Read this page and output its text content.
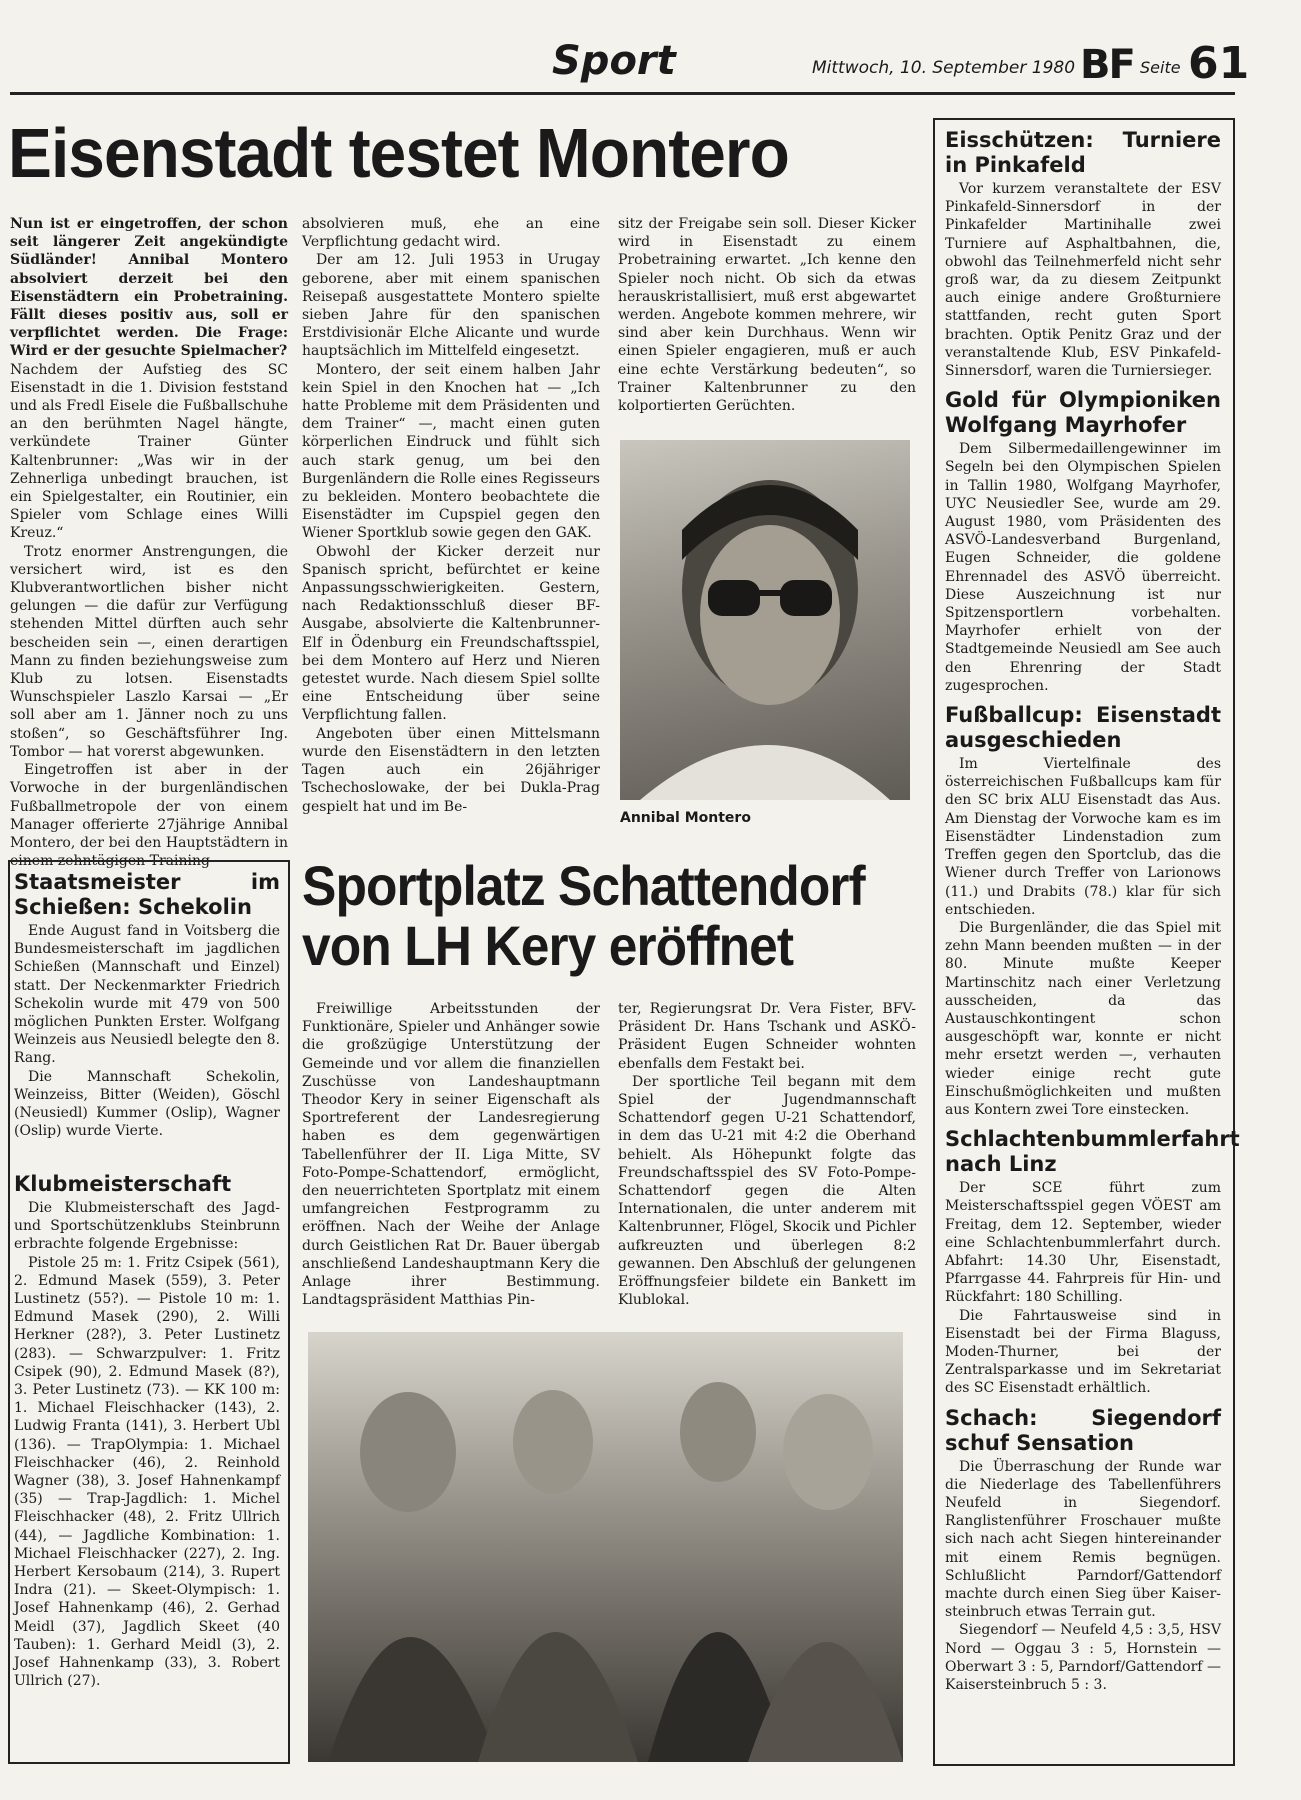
Sport	Mittwoch, 10. September 1980 BF Seite 61
Eisenstadt testet Montero

Nun ist er eingetroffen, der schon seit längerer Zeit angekündigte Südländer! Annibal Montero absolviert derzeit bei den Eisenstädtern ein Probetraining. Fällt dieses positiv aus, soll er verpflichtet werden. Die Frage: Wird er der gesuchte Spielmacher?

Nachdem der Aufstieg des SC Eisenstadt in die 1. Division feststand und als Fredl Eisele die Fußballschuhe an den berühmten Nagel hängte, verkündete Trainer Günter Kaltenbrunner: „Was wir in der Zehnerliga unbedingt brauchen, ist ein Spielgestalter, ein Routinier, ein Spieler vom Schlage eines Willi Kreuz.“

Trotz enormer Anstrengungen, die versichert wird, ist es den Klubverantwortlichen bisher nicht gelungen — die dafür zur Verfügung stehenden Mittel dürften auch sehr bescheiden sein —, einen derartigen Mann zu finden beziehungsweise zum Klub zu lotsen. Eisenstadts Wunschspieler Laszlo Karsai — „Er soll aber am 1. Jänner noch zu uns stoßen“, so Geschäftsführer Ing. Tombor — hat vorerst abgewunken.

Eingetroffen ist aber in der Vorwoche in der burgenländischen Fußballmetropole der von einem Manager offerierte 27jährige Annibal Montero, der bei den Hauptstädtern in einem zehntägigen Training

absolvieren muß, ehe an eine Verpflichtung gedacht wird.

Der am 12. Juli 1953 in Urugay geborene, aber mit einem spanischen Reisepaß ausgestattete Montero spielte sieben Jahre für den spanischen Erstdivisionär Elche Alicante und wurde hauptsächlich im Mittelfeld eingesetzt.

Montero, der seit einem halben Jahr kein Spiel in den Knochen hat — „Ich hatte Probleme mit dem Präsidenten und dem Trainer“ —, macht einen guten körperlichen Eindruck und fühlt sich auch stark genug, um bei den Burgenländern die Rolle eines Regisseurs zu bekleiden. Montero beobachtete die Eisenstädter im Cupspiel gegen den Wiener Sportklub sowie gegen den GAK.

Obwohl der Kicker derzeit nur Spanisch spricht, befürchtet er keine Anpassungsschwierigkeiten. Gestern, nach Redaktionsschluß dieser BF-Ausgabe, absolvierte die Kaltenbrunner-Elf in Ödenburg ein Freundschaftsspiel, bei dem Montero auf Herz und Nieren getestet wurde. Nach diesem Spiel sollte eine Entscheidung über seine Verpflichtung fallen.

Angeboten über einen Mittelsmann wurde den Eisenstädtern in den letzten Tagen auch ein 26jähriger Tschechoslowake, der bei Dukla-Prag gespielt hat und im Be-

sitz der Freigabe sein soll. Dieser Kicker wird in Eisenstadt zu einem Probetraining erwartet. „Ich kenne den Spieler noch nicht. Ob sich da etwas herauskristallisiert, muß erst abgewartet werden. Angebote kommen mehrere, wir sind aber kein Durchhaus. Wenn wir einen Spieler engagieren, muß er auch eine echte Verstärkung bedeuten“, so Trainer Kaltenbrunner zu den kolportierten Gerüchten.

Annibal Montero
Staatsmeister im Schießen: Schekolin

Ende August fand in Voitsberg die Bundesmeisterschaft im jagdlichen Schießen (Mannschaft und Einzel) statt. Der Neckenmarkter Friedrich Schekolin wurde mit 479 von 500 möglichen Punkten Erster. Wolfgang Weinzeis aus Neusiedl belegte den 8. Rang.

Die Mannschaft Schekolin, Weinzeiss, Bitter (Weiden), Göschl (Neusiedl) Kummer (Oslip), Wagner (Oslip) wurde Vierte.

Klubmeisterschaft

Die Klubmeisterschaft des Jagd- und Sportschützenklubs Steinbrunn erbrachte folgende Ergebnisse:

Pistole 25 m: 1. Fritz Csipek (561), 2. Edmund Masek (559), 3. Peter Lustinetz (55?). — Pistole 10 m: 1. Edmund Masek (290), 2. Willi Herkner (28?), 3. Peter Lustinetz (283). — Schwarzpulver: 1. Fritz Csipek (90), 2. Edmund Masek (8?), 3. Peter Lustinetz (73). — KK 100 m: 1. Michael Fleischhacker (143), 2. Ludwig Franta (141), 3. Herbert Ubl (136). — TrapOlympia: 1. Michael Fleischhacker (46), 2. Reinhold Wagner (38), 3. Josef Hahnenkampf (35) — Trap-Jagdlich: 1. Michel Fleischhacker (48), 2. Fritz Ullrich (44), — Jagdliche Kombination: 1. Michael Fleischhacker (227), 2. Ing. Herbert Kersobaum (214), 3. Rupert Indra (21). — Skeet-Olympisch: 1. Josef Hahnenkamp (46), 2. Gerhad Meidl (37), Jagdlich Skeet (40 Tauben): 1. Gerhard Meidl (3), 2. Josef Hahnenkamp (33), 3. Robert Ullrich (27).

Sportplatz Schattendorf
von LH Kery eröffnet

Freiwillige Arbeitsstunden der Funktionäre, Spieler und Anhänger sowie die großzügige Unterstützung der Gemeinde und vor allem die finanziellen Zuschüsse von Landeshauptmann Theodor Kery in seiner Eigenschaft als Sportreferent der Landesregierung haben es dem gegenwärtigen Tabellenführer der II. Liga Mitte, SV Foto-Pompe-Schattendorf, ermöglicht, den neuerrichteten Sportplatz mit einem umfangreichen Festprogramm zu eröffnen. Nach der Weihe der Anlage durch Geistlichen Rat Dr. Bauer übergab anschließend Landeshauptmann Kery die Anlage ihrer Bestimmung. Landtagspräsident Matthias Pin-

ter, Regierungsrat Dr. Vera Fister, BFV-Präsident Dr. Hans Tschank und ASKÖ-Präsident Eugen Schneider wohnten ebenfalls dem Festakt bei.

Der sportliche Teil begann mit dem Spiel der Jugendmannschaft Schattendorf gegen U-21 Schattendorf, in dem das U-21 mit 4:2 die Oberhand behielt. Als Höhepunkt folgte das Freundschaftsspiel des SV Foto-Pompe-Schattendorf gegen die Alten Internationalen, die unter anderem mit Kaltenbrunner, Flögel, Skocik und Pichler aufkreuzten und überlegen 8:2 gewannen. Den Abschluß der gelungenen Eröffnungsfeier bildete ein Bankett im Klublokal.

Eisschützen: Turniere in Pinkafeld

Vor kurzem veranstaltete der ESV Pinkafeld-Sinnersdorf in der Pinkafelder Martinihalle zwei Turniere auf Asphaltbahnen, die, obwohl das Teilnehmerfeld nicht sehr groß war, da zu diesem Zeitpunkt auch einige andere Großturniere stattfanden, recht guten Sport brachten. Optik Penitz Graz und der veranstaltende Klub, ESV Pinkafeld-Sinnersdorf, waren die Turniersieger.

Gold für Olympioniken Wolfgang Mayrhofer

Dem Silbermedaillengewinner im Segeln bei den Olympischen Spielen in Tallin 1980, Wolfgang Mayrhofer, UYC Neusiedler See, wurde am 29. August 1980, vom Präsidenten des ASVÖ-Landesverband Burgenland, Eugen Schneider, die goldene Ehrennadel des ASVÖ überreicht. Diese Auszeichnung ist nur Spitzensportlern vorbehalten. Mayrhofer erhielt von der Stadtgemeinde Neusiedl am See auch den Ehrenring der Stadt zugesprochen.

Fußballcup: Eisenstadt ausgeschieden

Im Viertelfinale des österreichischen Fußballcups kam für den SC brix ALU Eisenstadt das Aus. Am Dienstag der Vorwoche kam es im Eisenstädter Lindenstadion zum Treffen gegen den Sportclub, das die Wiener durch Treffer von Larionows (11.) und Drabits (78.) klar für sich entschieden.

Die Burgenländer, die das Spiel mit zehn Mann beenden mußten — in der 80. Minute mußte Keeper Martinschitz nach einer Verletzung ausscheiden, da das Austauschkontingent schon ausgeschöpft war, konnte er nicht mehr ersetzt werden —, verhauten wieder einige recht gute Einschußmöglichkeiten und mußten aus Kontern zwei Tore einstecken.

Schlachtenbummlerfahrt nach Linz

Der SCE führt zum Meisterschaftsspiel gegen VÖEST am Freitag, dem 12. September, wieder eine Schlachtenbummlerfahrt durch. Abfahrt: 14.30 Uhr, Eisenstadt, Pfarrgasse 44. Fahrpreis für Hin- und Rückfahrt: 180 Schilling.

Die Fahrtausweise sind in Eisenstadt bei der Firma Blaguss, Moden-Thurner, bei der Zentralsparkasse und im Sekretariat des SC Eisenstadt erhältlich.

Schach: Siegendorf schuf Sensation

Die Überraschung der Runde war die Niederlage des Tabellenführers Neufeld in Siegendorf. Ranglistenführer Froschauer mußte sich nach acht Siegen hintereinander mit einem Remis begnügen. Schlußlicht Parndorf/Gattendorf machte durch einen Sieg über Kaiser-steinbruch etwas Terrain gut.

Siegendorf — Neufeld 4,5 : 3,5, HSV Nord — Oggau 3 : 5, Hornstein — Oberwart 3 : 5, Parndorf/Gattendorf — Kaisersteinbruch 5 : 3.
